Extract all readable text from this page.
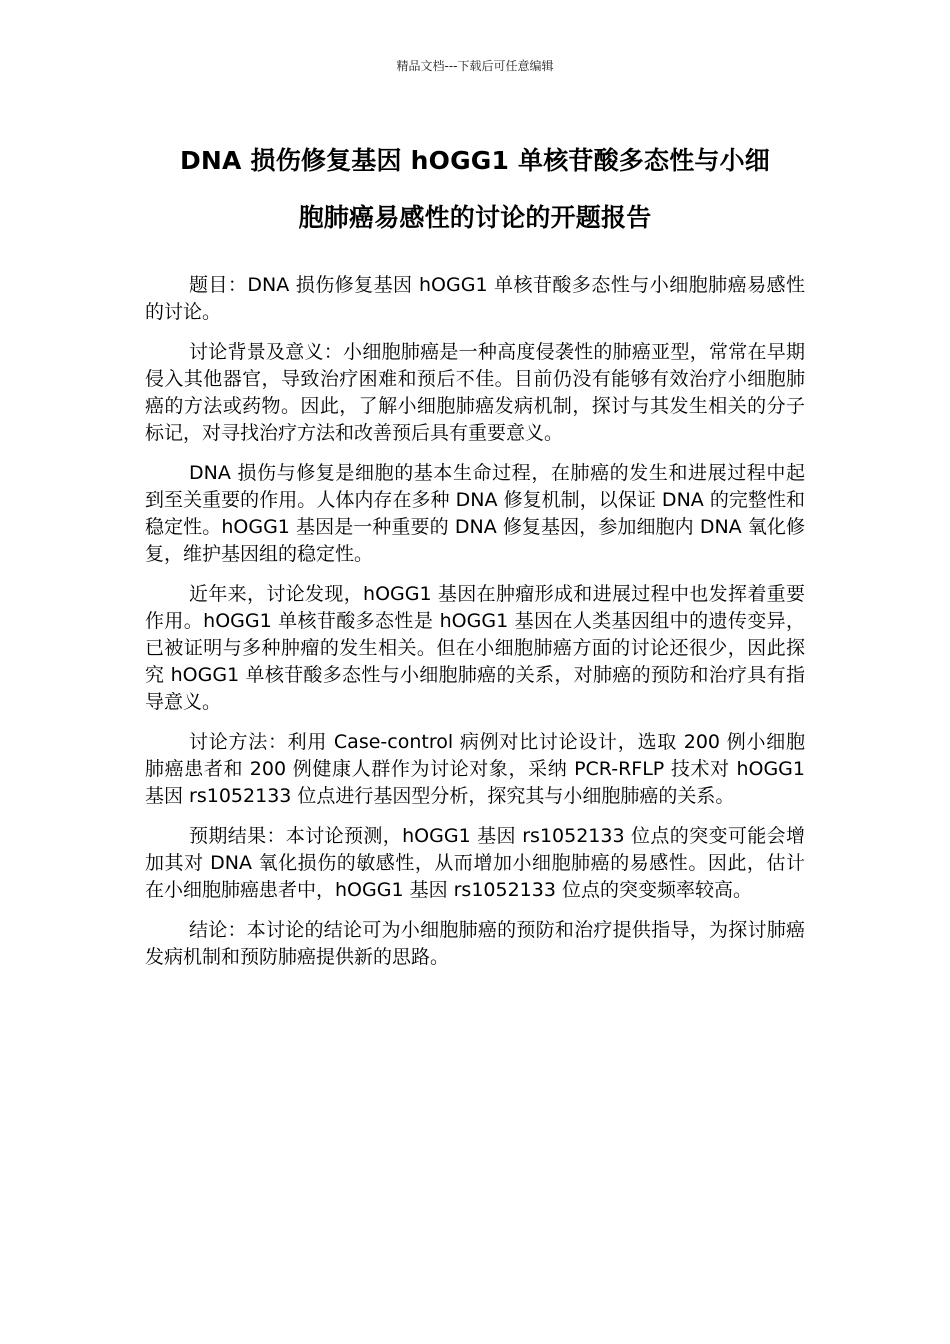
精品文档---下载后可任意编辑
DNA 损伤修复基因 hOGG1 单核苷酸多态性与小细
胞肺癌易感性的讨论的开题报告

题目：DNA 损伤修复基因 hOGG1 单核苷酸多态性与小细胞肺癌易感性的讨论。

讨论背景及意义：小细胞肺癌是一种高度侵袭性的肺癌亚型，常常在早期侵入其他器官，导致治疗困难和预后不佳。目前仍没有能够有效治疗小细胞肺癌的方法或药物。因此，了解小细胞肺癌发病机制，探讨与其发生相关的分子标记，对寻找治疗方法和改善预后具有重要意义。

DNA 损伤与修复是细胞的基本生命过程，在肺癌的发生和进展过程中起到至关重要的作用。人体内存在多种 DNA 修复机制，以保证 DNA 的完整性和稳定性。hOGG1 基因是一种重要的 DNA 修复基因，参加细胞内 DNA 氧化修复，维护基因组的稳定性。

近年来，讨论发现，hOGG1 基因在肿瘤形成和进展过程中也发挥着重要作用。hOGG1 单核苷酸多态性是 hOGG1 基因在人类基因组中的遗传变异，已被证明与多种肿瘤的发生相关。但在小细胞肺癌方面的讨论还很少，因此探究 hOGG1 单核苷酸多态性与小细胞肺癌的关系，对肺癌的预防和治疗具有指导意义。

讨论方法：利用 Case-control 病例对比讨论设计，选取 200 例小细胞肺癌患者和 200 例健康人群作为讨论对象，采纳 PCR-RFLP 技术对 hOGG1 基因 rs1052133 位点进行基因型分析，探究其与小细胞肺癌的关系。

预期结果：本讨论预测，hOGG1 基因 rs1052133 位点的突变可能会增加其对 DNA 氧化损伤的敏感性，从而增加小细胞肺癌的易感性。因此，估计在小细胞肺癌患者中，hOGG1 基因 rs1052133 位点的突变频率较高。

结论：本讨论的结论可为小细胞肺癌的预防和治疗提供指导，为探讨肺癌发病机制和预防肺癌提供新的思路。
